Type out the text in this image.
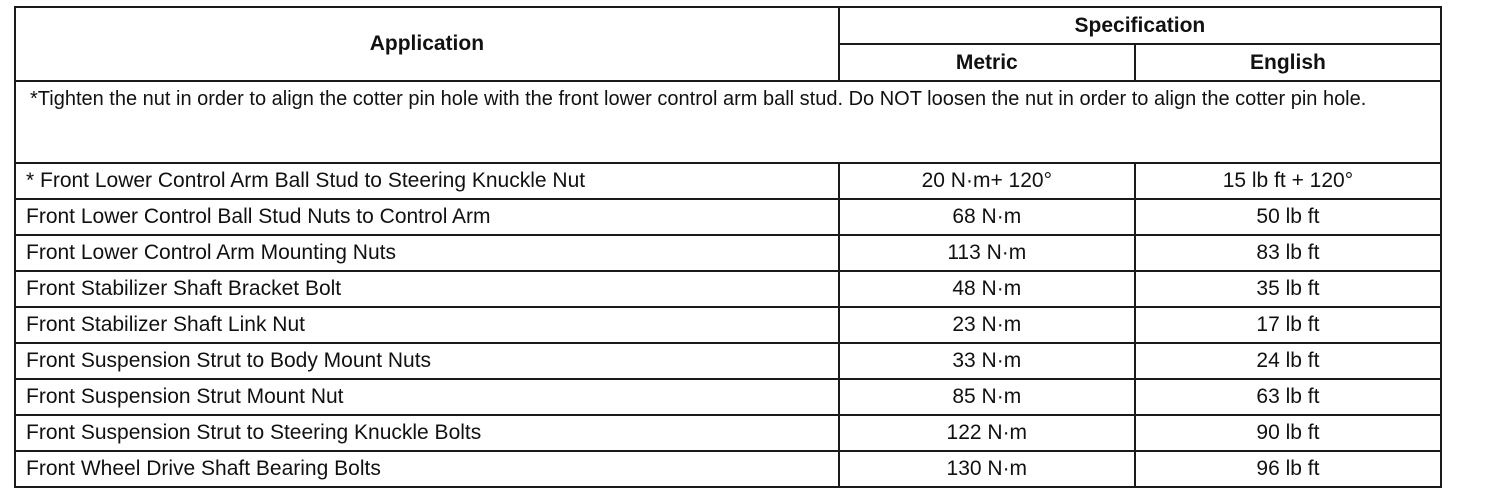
Application	Specification	
	Metric	English
*Tighten the nut in order to align the cotter pin hole with the front lower control arm ball stud. Do NOT loosen the nut in order to align the cotter pin hole.		
* Front Lower Control Arm Ball Stud to Steering Knuckle Nut	20 N·m+ 120°	15 lb ft + 120°
Front Lower Control Ball Stud Nuts to Control Arm	68 N·m	50 lb ft
Front Lower Control Arm Mounting Nuts	113 N·m	83 lb ft
Front Stabilizer Shaft Bracket Bolt	48 N·m	35 lb ft
Front Stabilizer Shaft Link Nut	23 N·m	17 lb ft
Front Suspension Strut to Body Mount Nuts	33 N·m	24 lb ft
Front Suspension Strut Mount Nut	85 N·m	63 lb ft
Front Suspension Strut to Steering Knuckle Bolts	122 N·m	90 lb ft
Front Wheel Drive Shaft Bearing Bolts	130 N·m	96 lb ft
